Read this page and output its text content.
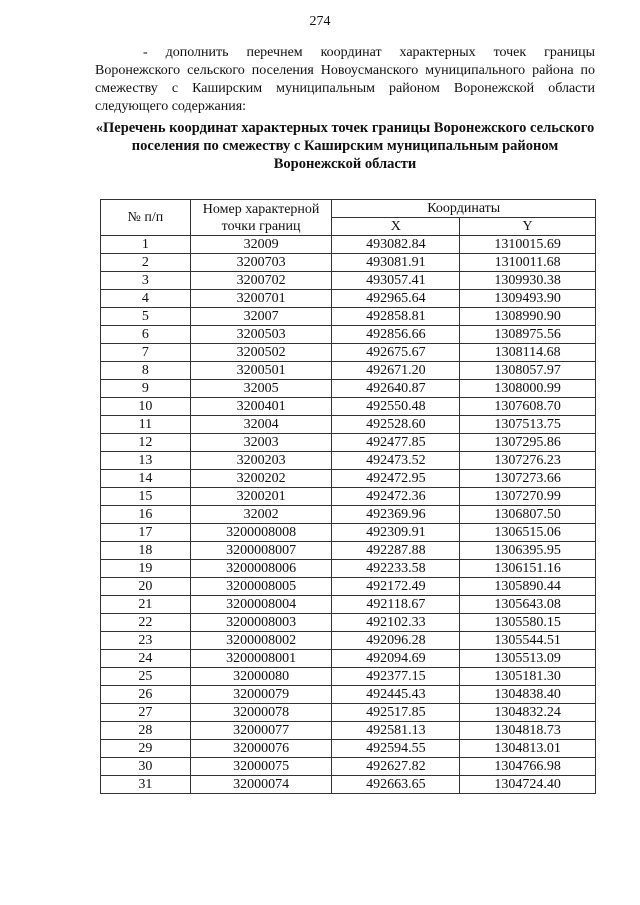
274

- дополнить перечнем координат характерных точек границы Воронежского сельского поселения Новоусманского муниципального района по смежеству с Каширским муниципальным районом Воронежской области следующего содержания:

«Перечень координат характерных точек границы Воронежского сельского поселения по смежеству с Каширским муниципальным районом Воронежской области

№ п/п	Номер характерной точки границ	Координаты	
		X	Y
1	32009	493082.84	1310015.69
2	3200703	493081.91	1310011.68
3	3200702	493057.41	1309930.38
4	3200701	492965.64	1309493.90
5	32007	492858.81	1308990.90
6	3200503	492856.66	1308975.56
7	3200502	492675.67	1308114.68
8	3200501	492671.20	1308057.97
9	32005	492640.87	1308000.99
10	3200401	492550.48	1307608.70
11	32004	492528.60	1307513.75
12	32003	492477.85	1307295.86
13	3200203	492473.52	1307276.23
14	3200202	492472.95	1307273.66
15	3200201	492472.36	1307270.99
16	32002	492369.96	1306807.50
17	3200008008	492309.91	1306515.06
18	3200008007	492287.88	1306395.95
19	3200008006	492233.58	1306151.16
20	3200008005	492172.49	1305890.44
21	3200008004	492118.67	1305643.08
22	3200008003	492102.33	1305580.15
23	3200008002	492096.28	1305544.51
24	3200008001	492094.69	1305513.09
25	32000080	492377.15	1305181.30
26	32000079	492445.43	1304838.40
27	32000078	492517.85	1304832.24
28	32000077	492581.13	1304818.73
29	32000076	492594.55	1304813.01
30	32000075	492627.82	1304766.98
31	32000074	492663.65	1304724.40
